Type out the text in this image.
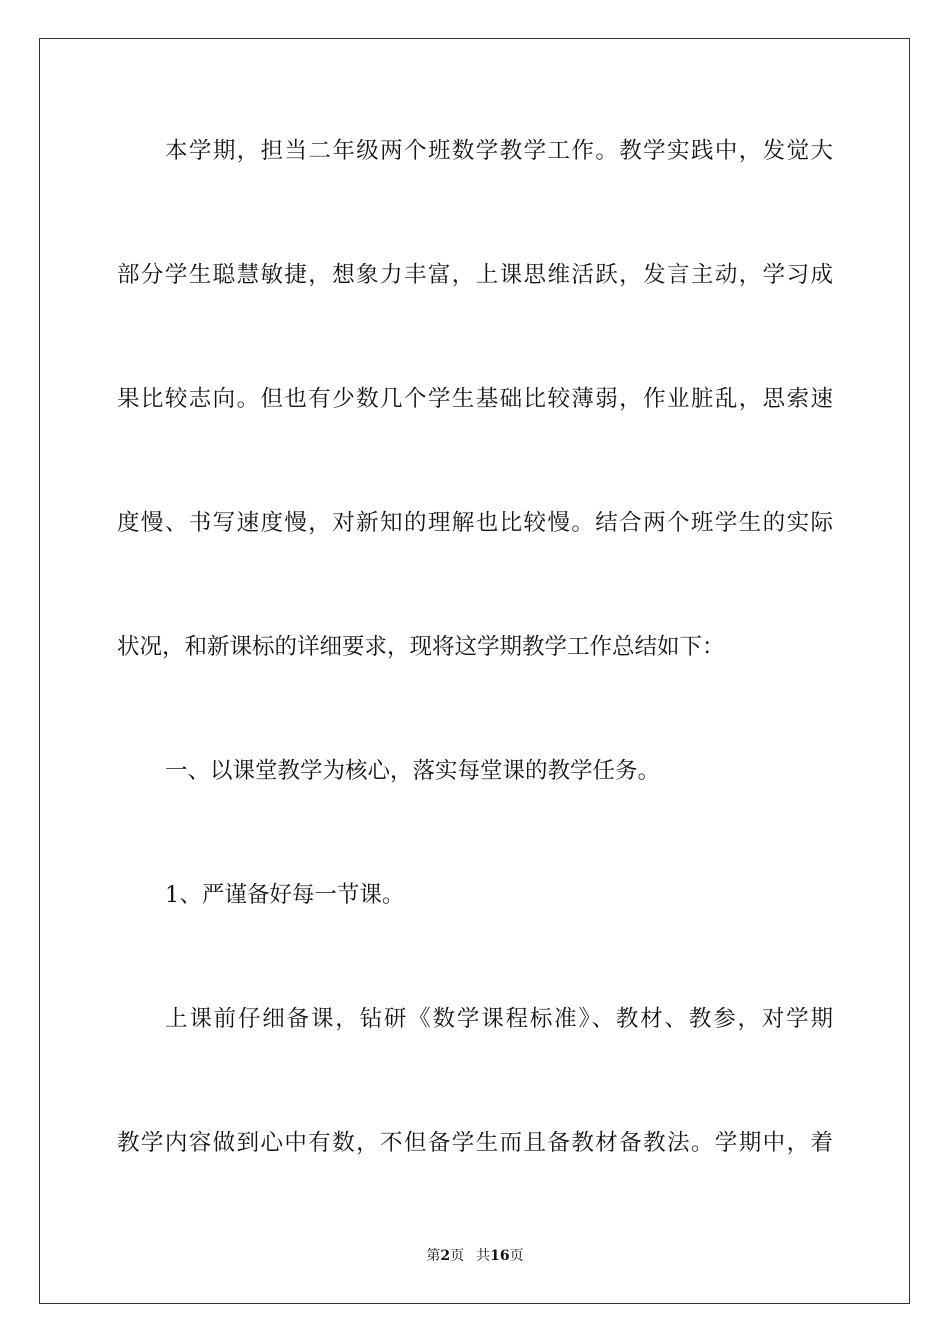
本学期，担当二年级两个班数学教学工作。教学实践中，发觉大
部分学生聪慧敏捷，想象力丰富，上课思维活跃，发言主动，学习成
果比较志向。但也有少数几个学生基础比较薄弱，作业脏乱，思索速
度慢、书写速度慢，对新知的理解也比较慢。结合两个班学生的实际
状况，和新课标的详细要求，现将这学期教学工作总结如下：
一、以课堂教学为核心，落实每堂课的教学任务。
1、严谨备好每一节课。
上课前仔细备课，钻研《数学课程标准》、教材、教参，对学期
教学内容做到心中有数，不但备学生而且备教材备教法。学期中，着
第2页 共16页
